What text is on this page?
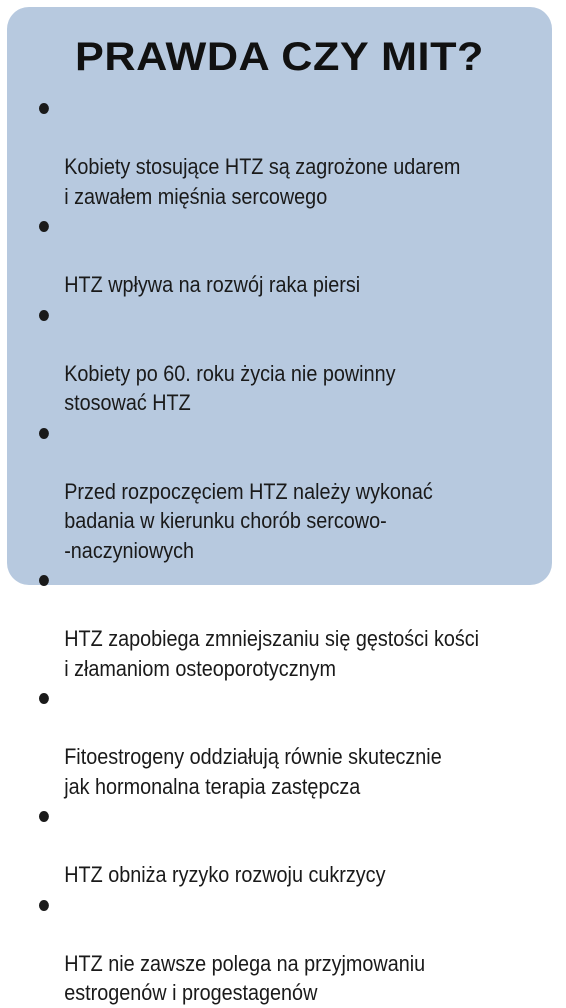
PRAWDA CZY MIT?

Kobiety stosujące HTZ są zagrożone udarem
i zawałem mięśnia sercowego

HTZ wpływa na rozwój raka piersi

Kobiety po 60. roku życia nie powinny
stosować HTZ

Przed rozpoczęciem HTZ należy wykonać
badania w kierunku chorób sercowo-
-naczyniowych

HTZ zapobiega zmniejszaniu się gęstości kości
i złamaniom osteoporotycznym

Fitoestrogeny oddziałują równie skutecznie
jak hormonalna terapia zastępcza

HTZ obniża ryzyko rozwoju cukrzycy

HTZ nie zawsze polega na przyjmowaniu
estrogenów i progestagenów
